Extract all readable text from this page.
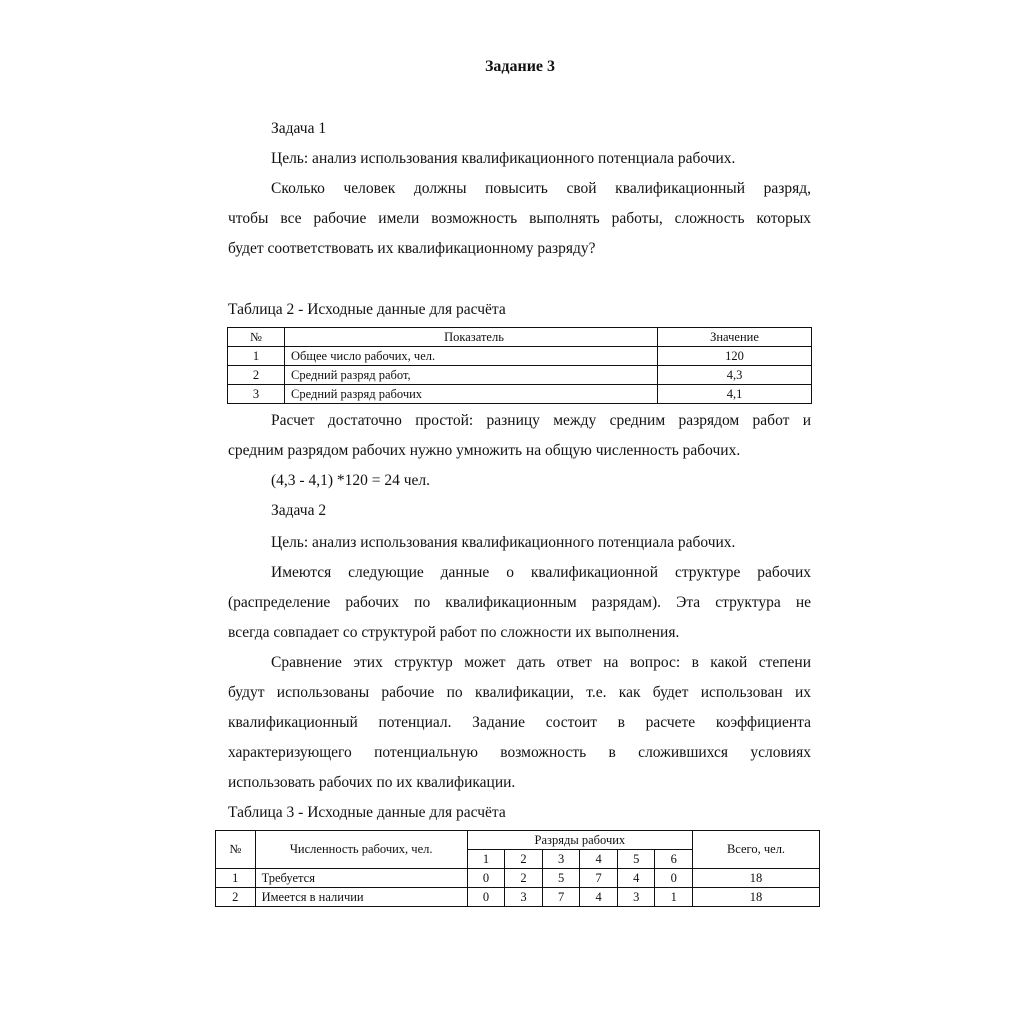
Задание 3
Задача 1
Цель: анализ использования квалификационного потенциала рабочих.
Сколько человек должны повысить свой квалификационный разряд,
чтобы все рабочие имели возможность выполнять работы, сложность которых
будет соответствовать их квалификационному разряду?
Таблица 2 - Исходные данные для расчёта
№	Показатель	Значение
1	Общее число рабочих, чел.	120
2	Средний разряд работ,	4,3
3	Средний разряд рабочих	4,1
Расчет достаточно простой: разницу между средним разрядом работ и
средним разрядом рабочих нужно умножить на общую численность рабочих.
(4,3 - 4,1) *120 = 24 чел.
Задача 2
Цель: анализ использования квалификационного потенциала рабочих.
Имеются следующие данные о квалификационной структуре рабочих
(распределение рабочих по квалификационным разрядам). Эта структура не
всегда совпадает со структурой работ по сложности их выполнения.
Сравнение этих структур может дать ответ на вопрос: в какой степени
будут использованы рабочие по квалификации, т.е. как будет использован их
квалификационный потенциал. Задание состоит в расчете коэффициента
характеризующего потенциальную возможность в сложившихся условиях
использовать рабочих по их квалификации.
Таблица 3 - Исходные данные для расчёта
№	Численность рабочих, чел.	Разряды рабочих						Всего, чел.
		1	2	3	4	5	6	
1	Требуется	0	2	5	7	4	0	18
2	Имеется в наличии	0	3	7	4	3	1	18
